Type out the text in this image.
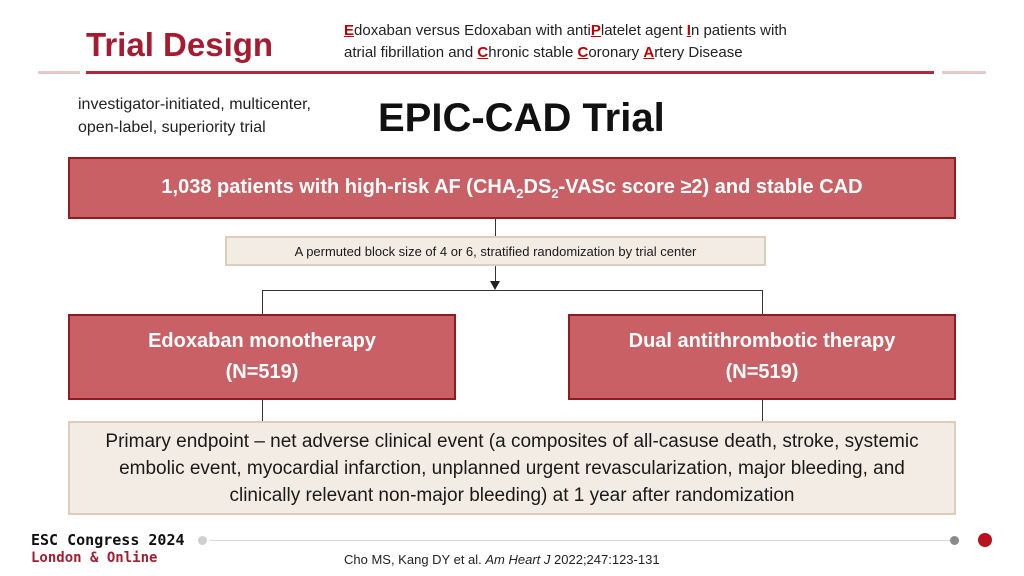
Trial Design	Edoxaban versus Edoxaban with antiPlatelet agent In patients with
atrial fibrillation and Chronic stable Coronary Artery Disease
investigator-initiated, multicenter,
open-label, superiority trial	EPIC-CAD Trial
1,038 patients with high-risk AF ($CHA_2DS_2$-VASc score ≥2) and stable CAD
A permuted block size of 4 or 6, stratified randomization by trial center
Edoxaban monotherapy
(N=519)
Dual antithrombotic therapy
(N=519)
Primary endpoint – net adverse clinical event (a composites of all-casuse death, stroke, systemic embolic event, myocardial infarction, unplanned urgent revascularization, major bleeding, and clinically relevant non-major bleeding) at 1 year after randomization
ESC Congress 2024
London & Online	Cho MS, Kang DY et al. Am Heart J 2022;247:123-131
